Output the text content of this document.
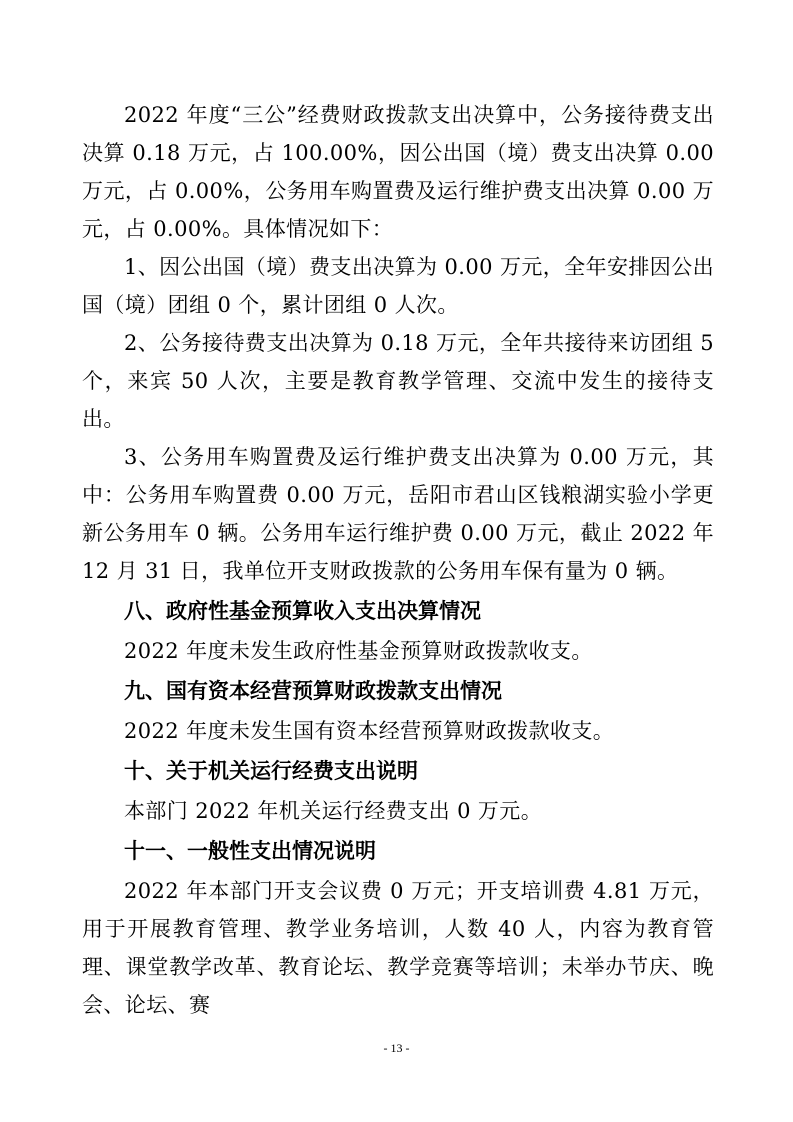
2022 年度“三公”经费财政拨款支出决算中，公务接待费支出决算 0.18 万元，占 100.00%，因公出国（境）费支出决算 0.00 万元，占 0.00%，公务用车购置费及运行维护费支出决算 0.00 万元，占 0.00%。具体情况如下：

1、因公出国（境）费支出决算为 0.00 万元，全年安排因公出国（境）团组 0 个，累计团组 0 人次。

2、公务接待费支出决算为 0.18 万元，全年共接待来访团组 5 个，来宾 50 人次，主要是教育教学管理、交流中发生的接待支出。

3、公务用车购置费及运行维护费支出决算为 0.00 万元，其中：公务用车购置费 0.00 万元，岳阳市君山区钱粮湖实验小学更新公务用车 0 辆。公务用车运行维护费 0.00 万元，截止 2022 年 12 月 31 日，我单位开支财政拨款的公务用车保有量为 0 辆。

八、政府性基金预算收入支出决算情况

2022 年度未发生政府性基金预算财政拨款收支。

九、国有资本经营预算财政拨款支出情况

2022 年度未发生国有资本经营预算财政拨款收支。

十、关于机关运行经费支出说明

本部门 2022 年机关运行经费支出 0 万元。

十一、一般性支出情况说明

2022 年本部门开支会议费 0 万元；开支培训费 4.81 万元，用于开展教育管理、教学业务培训，人数 40 人，内容为教育管理、课堂教学改革、教育论坛、教学竞赛等培训；未举办节庆、晚会、论坛、赛

- 13 -
